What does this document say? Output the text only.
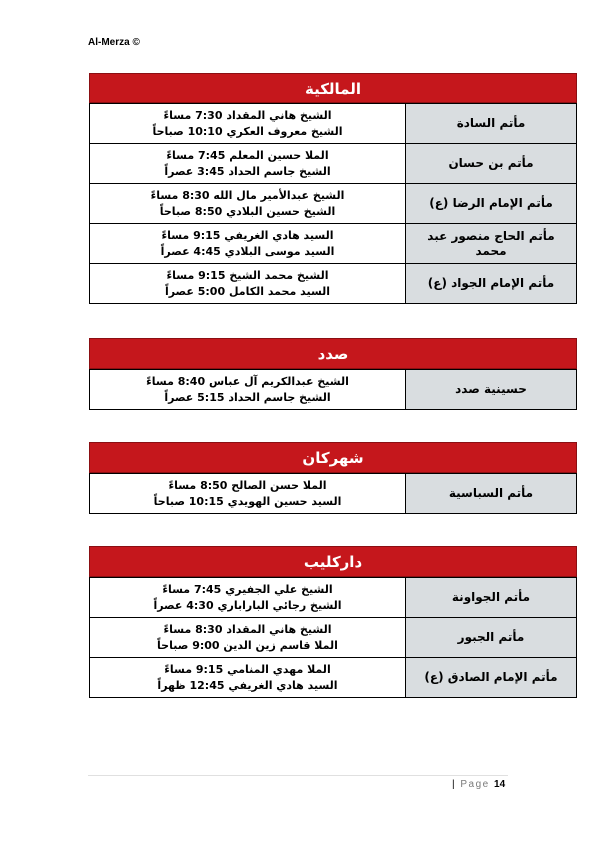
Al-Merza ©
المالكية
مأتم السادة	الشيخ هاني المقداد 7:30 مساءً
الشيخ معروف العكري 10:10 صباحاً

مأتم بن حسان	الملا حسين المعلم 7:45 مساءً
الشيخ جاسم الحداد 3:45 عصراً

مأتم الإمام الرضا (ع)	الشيخ عبدالأمير مال الله 8:30 مساءً
الشيخ حسين البلادي 8:50 صباحاً

مأتم الحاج منصور عبد محمد	السيد هادي الغريفي 9:15 مساءً
السيد موسى البلادي 4:45 عصراً

مأتم الإمام الجواد (ع)	الشيخ محمد الشيخ 9:15 مساءً
السيد محمد الكامل 5:00 عصراً
صدد
حسينية صدد	
الشيخ عبدالكريم آل عباس 8:40 مساءً
الشيخ جاسم الحداد 5:15 عصراً
شهركان
مأتم السباسية	
الملا حسن الصالح 8:50 مساءً
السيد حسين الهويدي 10:15 صباحاً
داركليب
مأتم الجواونة	الشيخ علي الجفيري 7:45 مساءً
الشيخ رجائي الباراباري 4:30 عصراً

مأتم الجبور	الشيخ هاني المقداد 8:30 مساءً
الملا قاسم زين الدين 9:00 صباحاً

مأتم الإمام الصادق (ع)	الملا مهدي المنامي 9:15 مساءً
السيد هادي الغريفي 12:45 ظهراً
| Page 14
